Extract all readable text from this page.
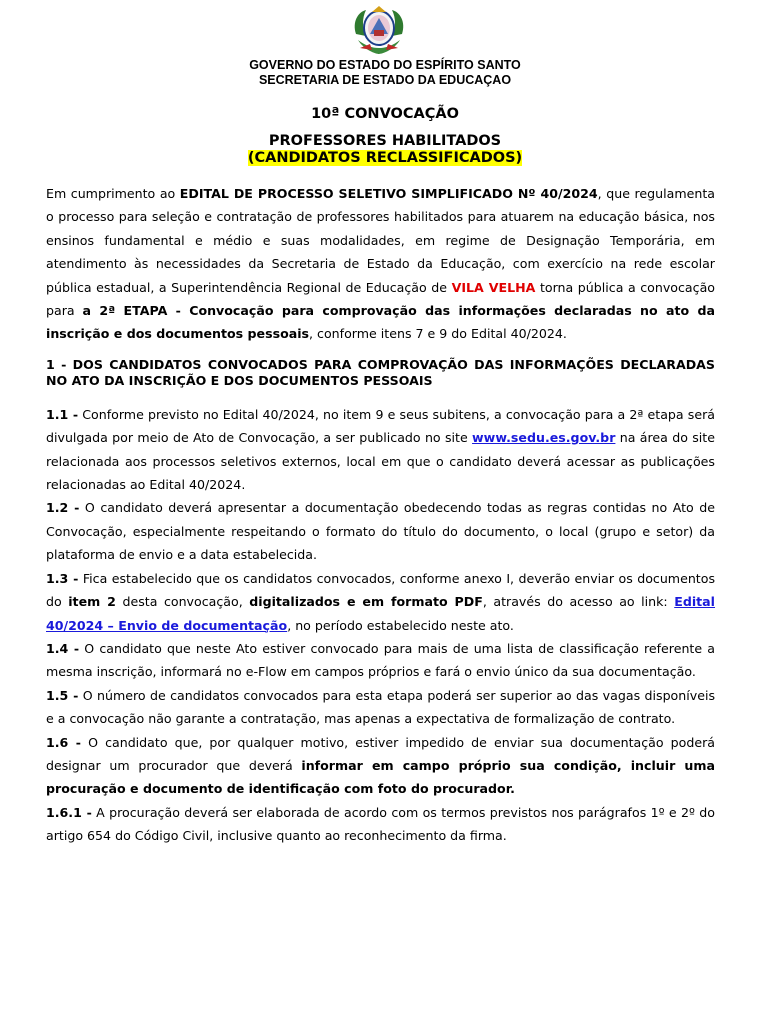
GOVERNO DO ESTADO DO ESPÍRITO SANTO
SECRETARIA DE ESTADO DA EDUCAÇAO
10ª CONVOCAÇÃO
PROFESSORES HABILITADOS
(CANDIDATOS RECLASSIFICADOS)

Em cumprimento ao EDITAL DE PROCESSO SELETIVO SIMPLIFICADO Nº 40/2024, que regulamenta o processo para seleção e contratação de professores habilitados para atuarem na educação básica, nos ensinos fundamental e médio e suas modalidades, em regime de Designação Temporária, em atendimento às necessidades da Secretaria de Estado da Educação, com exercício na rede escolar pública estadual, a Superintendência Regional de Educação de VILA VELHA torna pública a convocação para a 2ª ETAPA - Convocação para comprovação das informações declaradas no ato da inscrição e dos documentos pessoais, conforme itens 7 e 9 do Edital 40/2024.

1 - DOS CANDIDATOS CONVOCADOS PARA COMPROVAÇÃO DAS INFORMAÇÕES DECLARADAS NO ATO DA INSCRIÇÃO E DOS DOCUMENTOS PESSOAIS

1.1 - Conforme previsto no Edital 40/2024, no item 9 e seus subitens, a convocação para a 2ª etapa será divulgada por meio de Ato de Convocação, a ser publicado no site www.sedu.es.gov.br na área do site relacionada aos processos seletivos externos, local em que o candidato deverá acessar as publicações relacionadas ao Edital 40/2024.

1.2 - O candidato deverá apresentar a documentação obedecendo todas as regras contidas no Ato de Convocação, especialmente respeitando o formato do título do documento, o local (grupo e setor) da plataforma de envio e a data estabelecida.

1.3 - Fica estabelecido que os candidatos convocados, conforme anexo I, deverão enviar os documentos do item 2 desta convocação, digitalizados e em formato PDF, através do acesso ao link: Edital 40/2024 – Envio de documentação, no período estabelecido neste ato.

1.4 - O candidato que neste Ato estiver convocado para mais de uma lista de classificação referente a mesma inscrição, informará no e-Flow em campos próprios e fará o envio único da sua documentação.

1.5 - O número de candidatos convocados para esta etapa poderá ser superior ao das vagas disponíveis e a convocação não garante a contratação, mas apenas a expectativa de formalização de contrato.

1.6 - O candidato que, por qualquer motivo, estiver impedido de enviar sua documentação poderá designar um procurador que deverá informar em campo próprio sua condição, incluir uma procuração e documento de identificação com foto do procurador.

1.6.1 - A procuração deverá ser elaborada de acordo com os termos previstos nos parágrafos 1º e 2º do artigo 654 do Código Civil, inclusive quanto ao reconhecimento da firma.
